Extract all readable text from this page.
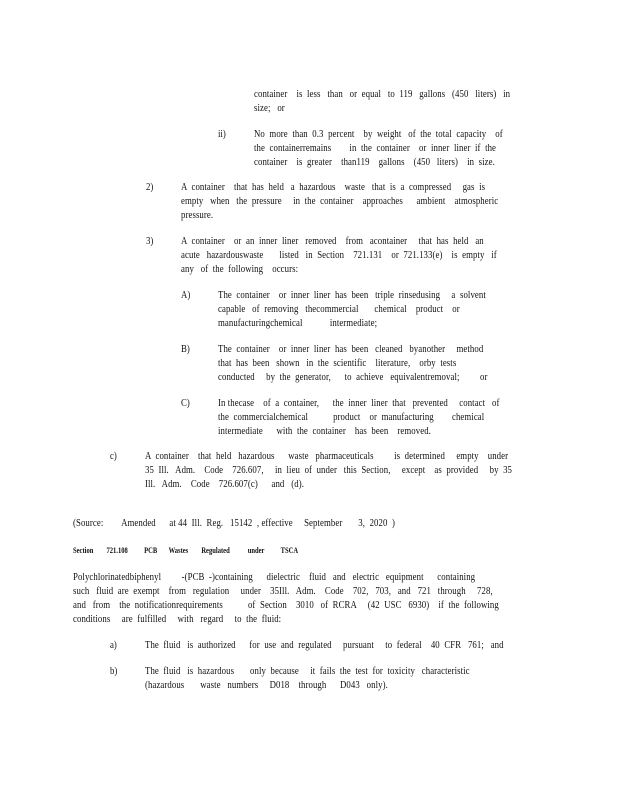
container    is  less   than   or  equal   to  119   gallons   (450   liters)   in
size;   or
ii)	No  more  than  0.3  percent    by  weight   of  the  total  capacity    of
the  containerremains        in  the  container    or  inner  liner  if  the
container    is  greater    than119    gallons    (450   liters)    in  size.
2)	A  container    that  has  held   a  hazardous    waste   that  is  a  compressed     gas  is
empty   when   the  pressure     in  the  container    approaches      ambient    atmospheric
pressure.
3)	A  container    or  an  inner  liner   removed    from   acontainer     that  has  held   an
acute   hazardouswaste       listed   in  Section    721.131    or  721.133(e)    is  empty   if
any   of  the  following    occurs:
A)	The  container    or  inner  liner  has  been   triple  rinsedusing     a  solvent
capable   of  removing   thecommercial       chemical    product    or
manufacturingchemical            intermediate;
B)	The  container    or  inner  liner  has  been   cleaned   byanother     method
that  has  been   shown   in  the  scientific    literature,    orby  tests
conducted     by  the  generator,      to  achieve   equivalentremoval;         or
C)	In thecase    of  a  container,      the  inner  liner  that   prevented     contact   of
the  commercialchemical           product    or  manufacturing        chemical
intermediate      with  the  container    has  been    removed.
c)	A  container    that  held   hazardous      waste   pharmaceuticals         is  determined     empty    under
35  Ill.   Adm.    Code    726.607,     in  lieu  of  under   this  Section,     except    as  provided     by  35
Ill.   Adm.    Code    726.607(c)      and   (d).
(Source:        Amended      at 44  Ill.  Reg.   15142  , effective     September       3,  2020  )
Section        721.108          PCB       Wastes        Regulated           under          TSCA
Polychlorinatedbiphenyl         -(PCB  -)containing      dielectric    fluid   and   electric   equipment      containing
such   fluid  are  exempt    from   regulation     under    35Ill.   Adm.    Code    702,   703,   and   721   through     728,
and   from    the  notificationrequirements           of  Section    3010   of  RCRA     (42  USC   6930)    if  the  following
conditions     are  fulfilled     with   regard     to  the  fluid:
a)	The  fluid   is  authorized      for  use  and  regulated     pursuant     to  federal    40  CFR   761;   and
b)	The  fluid   is  hazardous       only  because     it  fails  the  test  for  toxicity   characteristic
(hazardous       waste   numbers     D018    through      D043   only).
